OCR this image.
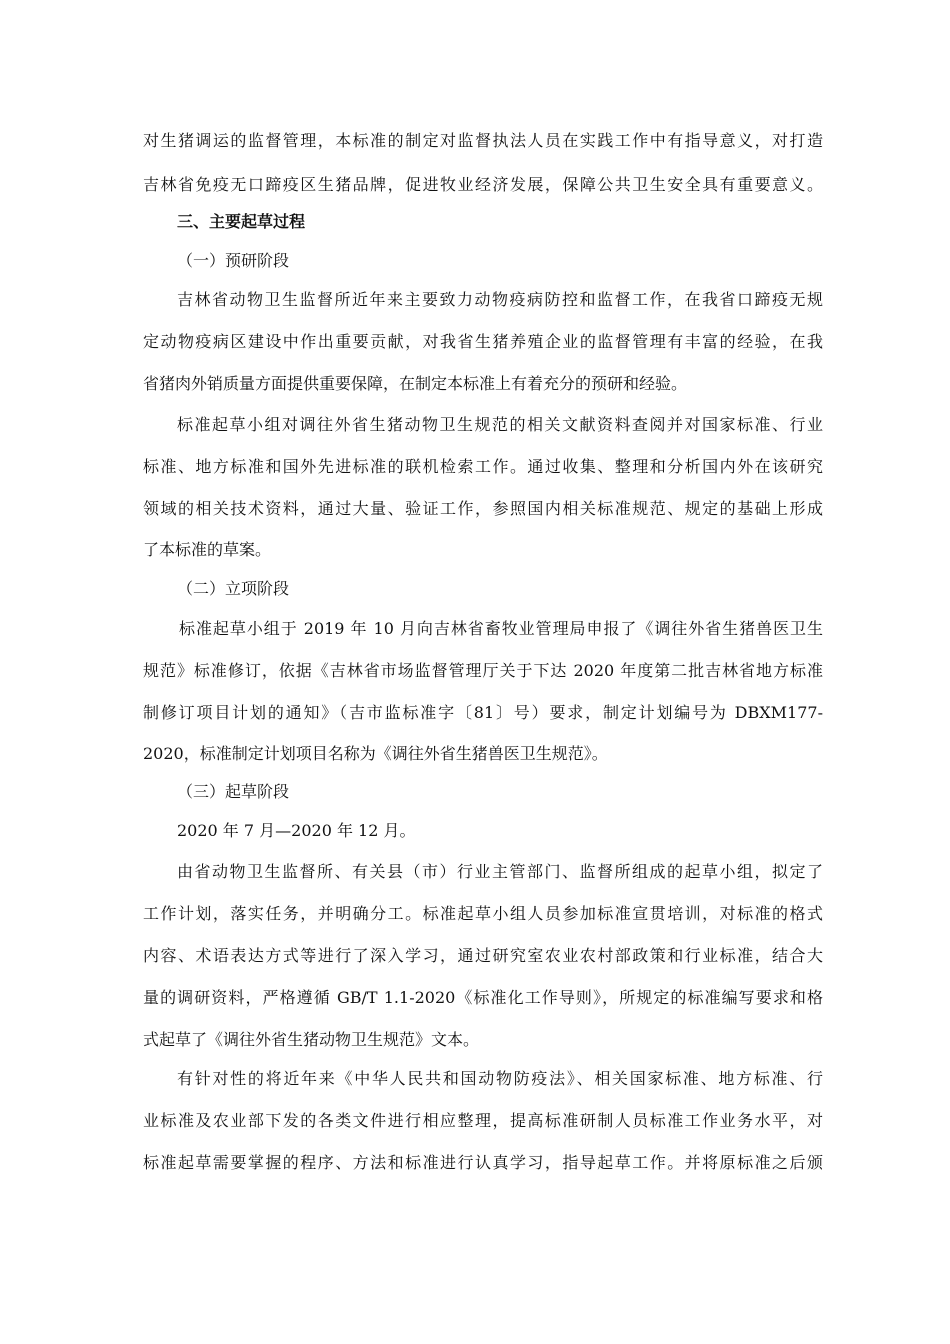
对生猪调运的监督管理，本标准的制定对监督执法人员在实践工作中有指导意义，对打造
吉林省免疫无口蹄疫区生猪品牌，促进牧业经济发展，保障公共卫生安全具有重要意义。
三、主要起草过程
（一）预研阶段
吉林省动物卫生监督所近年来主要致力动物疫病防控和监督工作，在我省口蹄疫无规
定动物疫病区建设中作出重要贡献，对我省生猪养殖企业的监督管理有丰富的经验，在我
省猪肉外销质量方面提供重要保障，在制定本标准上有着充分的预研和经验。
标准起草小组对调往外省生猪动物卫生规范的相关文献资料查阅并对国家标准、行业
标准、地方标准和国外先进标准的联机检索工作。通过收集、整理和分析国内外在该研究
领域的相关技术资料，通过大量、验证工作，参照国内相关标准规范、规定的基础上形成
了本标准的草案。
（二）立项阶段
标准起草小组于 2019 年 10 月向吉林省畜牧业管理局申报了《调往外省生猪兽医卫生
规范》标准修订，依据《吉林省市场监督管理厅关于下达 2020 年度第二批吉林省地方标准
制修订项目计划的通知》（吉市监标准字〔81〕号）要求，制定计划编号为 DBXM177-
2020，标准制定计划项目名称为《调往外省生猪兽医卫生规范》。
（三）起草阶段
2020 年 7 月—2020 年 12 月。
由省动物卫生监督所、有关县（市）行业主管部门、监督所组成的起草小组，拟定了
工作计划，落实任务，并明确分工。标准起草小组人员参加标准宣贯培训，对标准的格式
内容、术语表达方式等进行了深入学习，通过研究室农业农村部政策和行业标准，结合大
量的调研资料，严格遵循 GB/T 1.1-2020《标准化工作导则》，所规定的标准编写要求和格
式起草了《调往外省生猪动物卫生规范》文本。
有针对性的将近年来《中华人民共和国动物防疫法》、相关国家标准、地方标准、行
业标准及农业部下发的各类文件进行相应整理，提高标准研制人员标准工作业务水平，对
标准起草需要掌握的程序、方法和标准进行认真学习，指导起草工作。并将原标准之后颁
